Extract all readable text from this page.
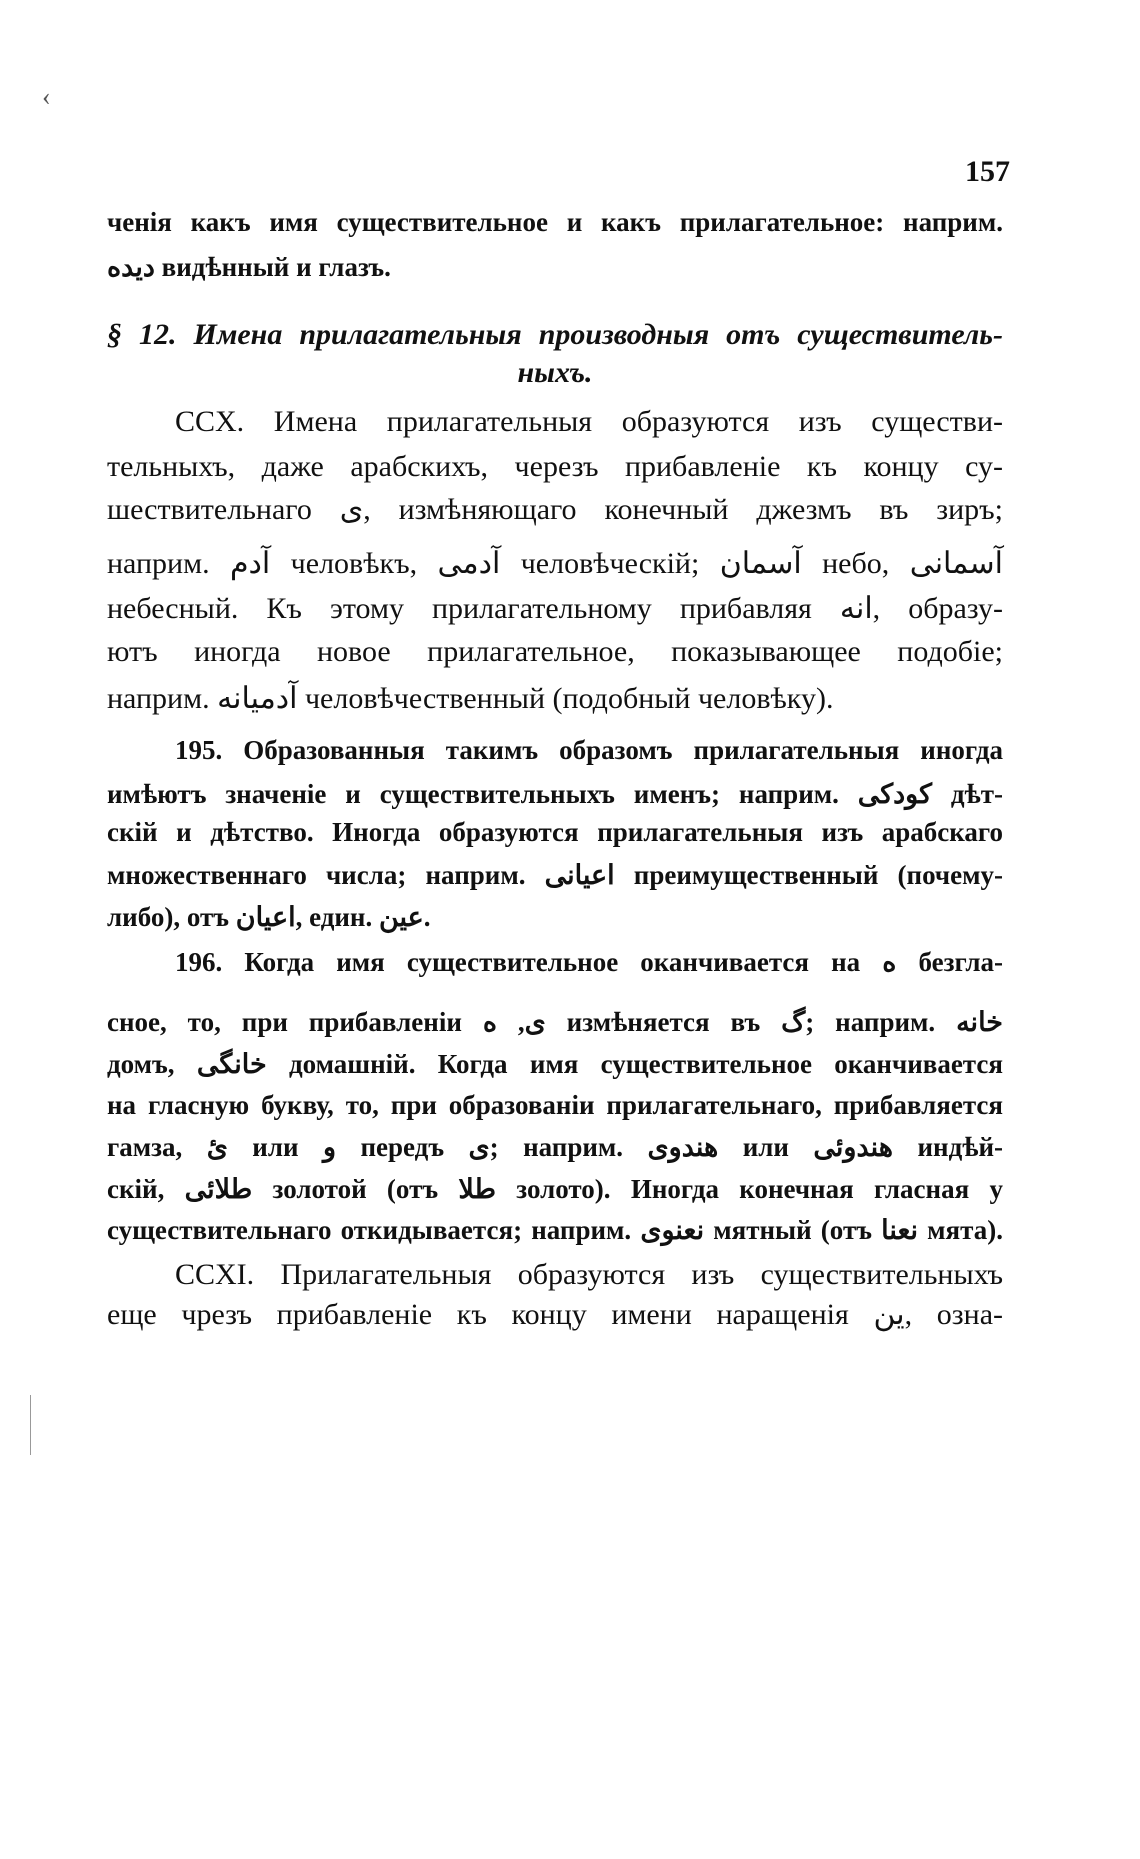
157
ченія какъ имя существительное и какъ прилагательное: наприм.
دیده видѣнный и глазъ.
§ 12. Имена прилагательныя производныя отъ существитель-
ныхъ.
CCX. Имена прилагательныя образуются изъ существи-
тельныхъ, даже арабскихъ, черезъ прибавленіе къ концу су-
шествительнаго ی, измѣняющаго конечный джезмъ въ зиръ;
наприм. آدم человѣкъ, آدمی человѣческій; آسمان небо, آسمانی
небесный. Къ этому прилагательному прибавляя انه, образу-
ютъ иногда новое прилагательное, показывающее подобіе;
наприм. آدمیانه человѣчественный (подобный человѣку).
195. Образованныя такимъ образомъ прилагательныя иногда
имѣютъ значеніе и существительныхъ именъ; наприм. کودکی дѣт-
скій и дѣтство. Иногда образуются прилагательныя изъ арабскаго
множественнаго числа; наприм. اعیانی преимущественный (почему-
либо), отъ اعیان, един. عین.
196. Когда имя существительное оканчивается на ه безгла-
сное, то, при прибавленіи ی, ه измѣняется въ گ; наприм. خانه
домъ, خانگی домашній. Когда имя существительное оканчивается
на гласную букву, то, при образованіи прилагательнаго, прибавляется
гамза, ئ или و передъ ی; наприм. هندوی или هندوئی индѣй-
скій, طلائی золотой (отъ طلا золото). Иногда конечная гласная у
существительнаго откидывается; наприм. نعنوی мятный (отъ نعنا мята).
CCXI. Прилагательныя образуются изъ существительныхъ
еще чрезъ прибавленіе къ концу имени наращенія ین, озна-
‹
